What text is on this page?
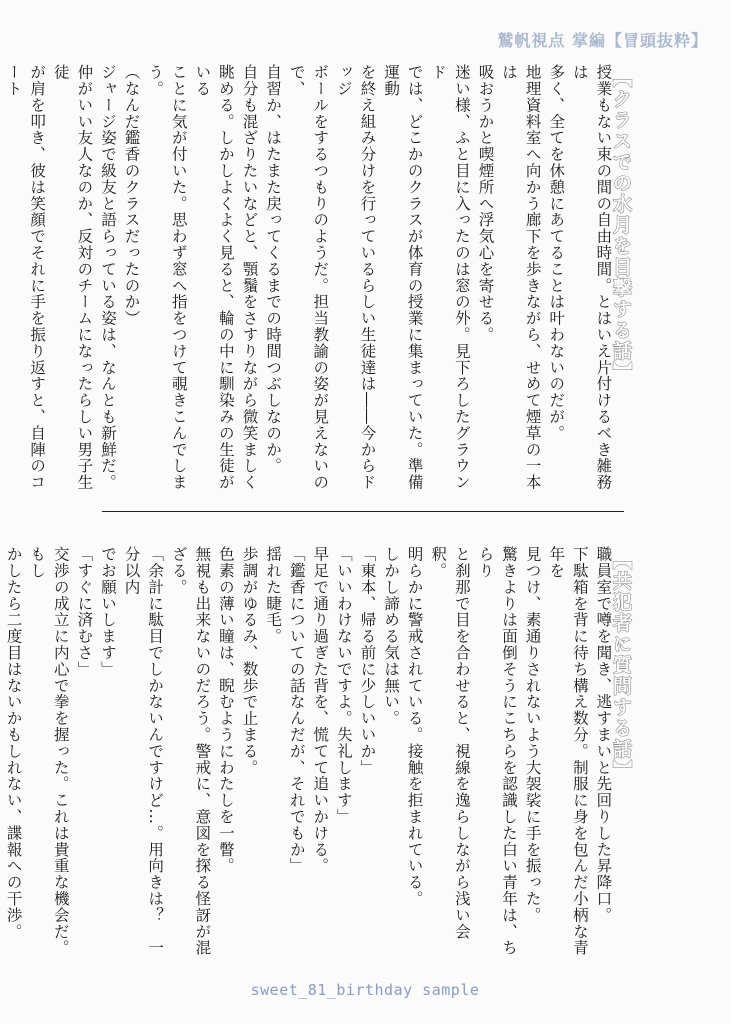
鷲帆視点 掌編【冒頭抜粋】
【クラスでの水月を目撃する話】

授業もない束の間の自由時間。とはいえ片付けるべき雑務は

多く、全てを休憩にあてることは叶わないのだが。

地理資料室へ向かう廊下を歩きながら、せめて煙草の一本は

吸おうかと喫煙所へ浮気心を寄せる。

迷い様、ふと目に入ったのは窓の外。見下ろしたグラウンド

では、どこかのクラスが体育の授業に集まっていた。準備運動

を終え組み分けを行っているらしい生徒達は――今からドッジ

ボールをするつもりのようだ。担当教諭の姿が見えないので、

自習か、はたまた戻ってくるまでの時間つぶしなのか。

自分も混ざりたいなどと、顎鬚をさすりながら微笑ましく

眺める。しかしよくよく見ると、輪の中に馴染みの生徒がいる

ことに気が付いた。思わず窓へ指をつけて覗きこんでしまう。

（なんだ鑑香のクラスだったのか）

ジャージ姿で級友と語らっている姿は、なんとも新鮮だ。

仲がいい友人なのか、反対のチームになったらしい男子生徒

が肩を叩き、彼は笑顔でそれに手を振り返すと、自陣のコート

【共犯者に質問する話】

職員室で噂を聞き、逃すまいと先回りした昇降口。

下駄箱を背に待ち構え数分。制服に身を包んだ小柄な青年を

見つけ、素通りされないよう大袈裟に手を振った。

驚きよりは面倒そうにこちらを認識した白い青年は、ちらり

と刹那で目を合わせると、視線を逸らしながら浅い会釈。

明らかに警戒されている。接触を拒まれている。

しかし諦める気は無い。

「東本、帰る前に少しいいか」

「いいわけないですよ。失礼します」

早足で通り過ぎた背を、慌てて追いかける。

「鑑香についての話なんだが、それでもか」

揺れた睫毛。

歩調がゆるみ、数歩で止まる。

色素の薄い瞳は、睨むようにわたしを一瞥。

無視も出来ないのだろう。警戒に、意図を探る怪訝が混ざる。

「余計に駄目でしかないんですけど…。用向きは？　一分以内

でお願いします」

「すぐに済むさ」

交渉の成立に内心で拳を握った。これは貴重な機会だ。もし

かしたら二度目はないかもしれない、諜報への干渉。

sweet_81_birthday sample
